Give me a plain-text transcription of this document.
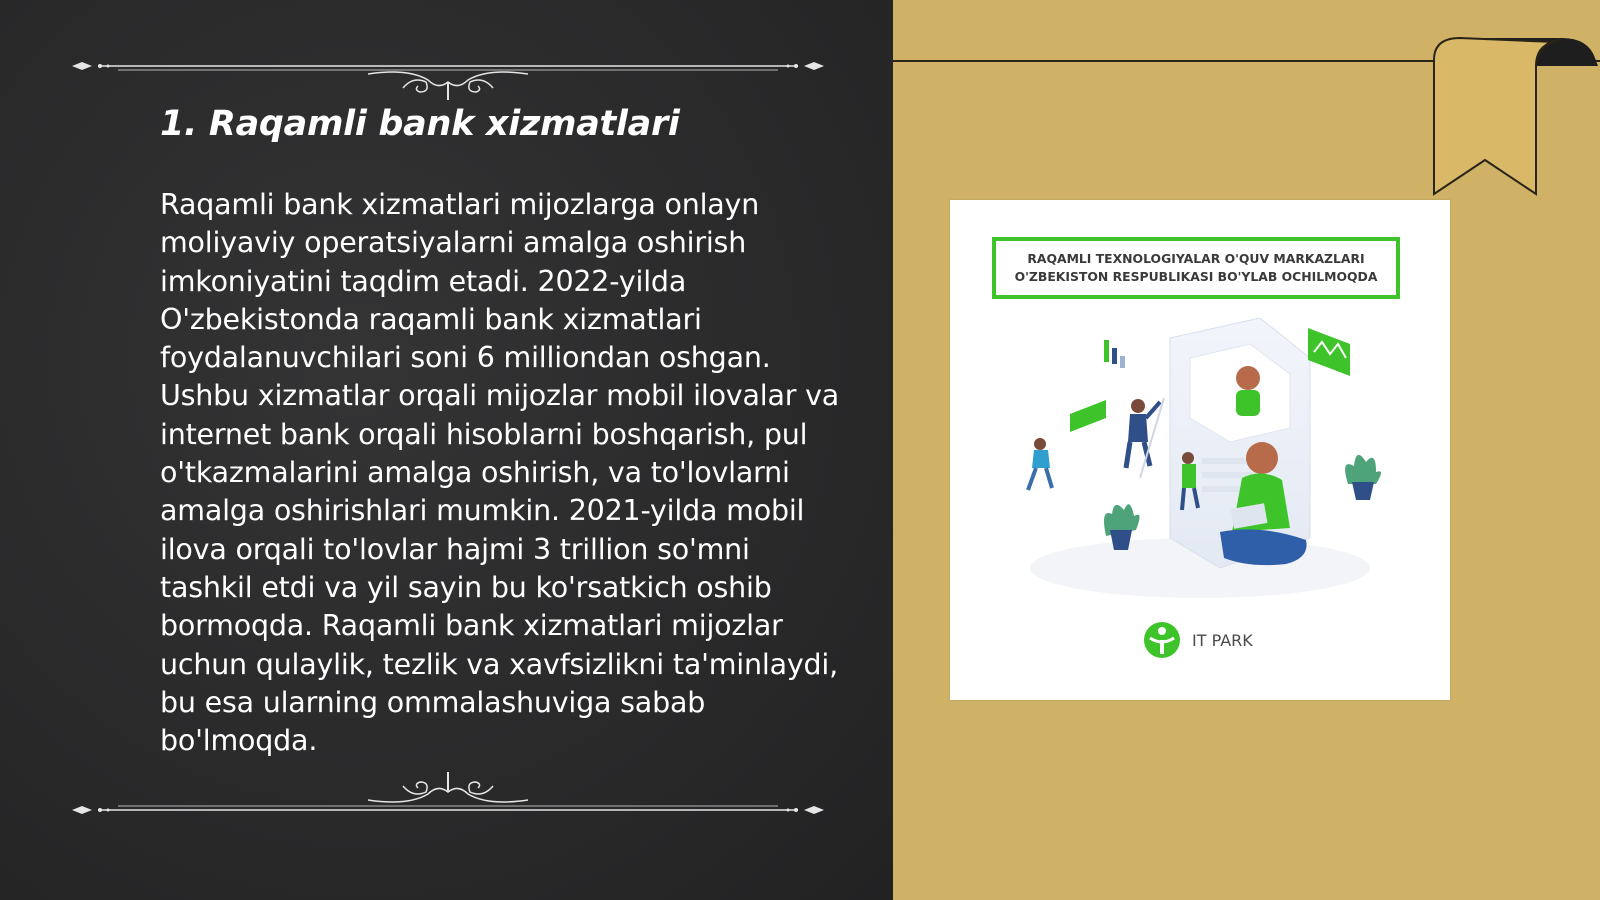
1. Raqamli bank xizmatlari

Raqamli bank xizmatlari mijozlarga onlayn moliyaviy operatsiyalarni amalga oshirish imkoniyatini taqdim etadi. 2022-yilda O'zbekistonda raqamli bank xizmatlari foydalanuvchilari soni 6 milliondan oshgan. Ushbu xizmatlar orqali mijozlar mobil ilovalar va internet bank orqali hisoblarni boshqarish, pul o'tkazmalarini amalga oshirish, va to'lovlarni amalga oshirishlari mumkin. 2021-yilda mobil ilova orqali to'lovlar hajmi 3 trillion so'mni tashkil etdi va yil sayin bu ko'rsatkich oshib bormoqda. Raqamli bank xizmatlari mijozlar uchun qulaylik, tezlik va xavfsizlikni ta'minlaydi, bu esa ularning ommalashuviga sabab bo'lmoqda.

RAQAMLI TEXNOLOGIYALAR O'QUV MARKAZLARI
O'ZBEKISTON RESPUBLIKASI BO'YLAB OCHILMOQDA
IT PARK
